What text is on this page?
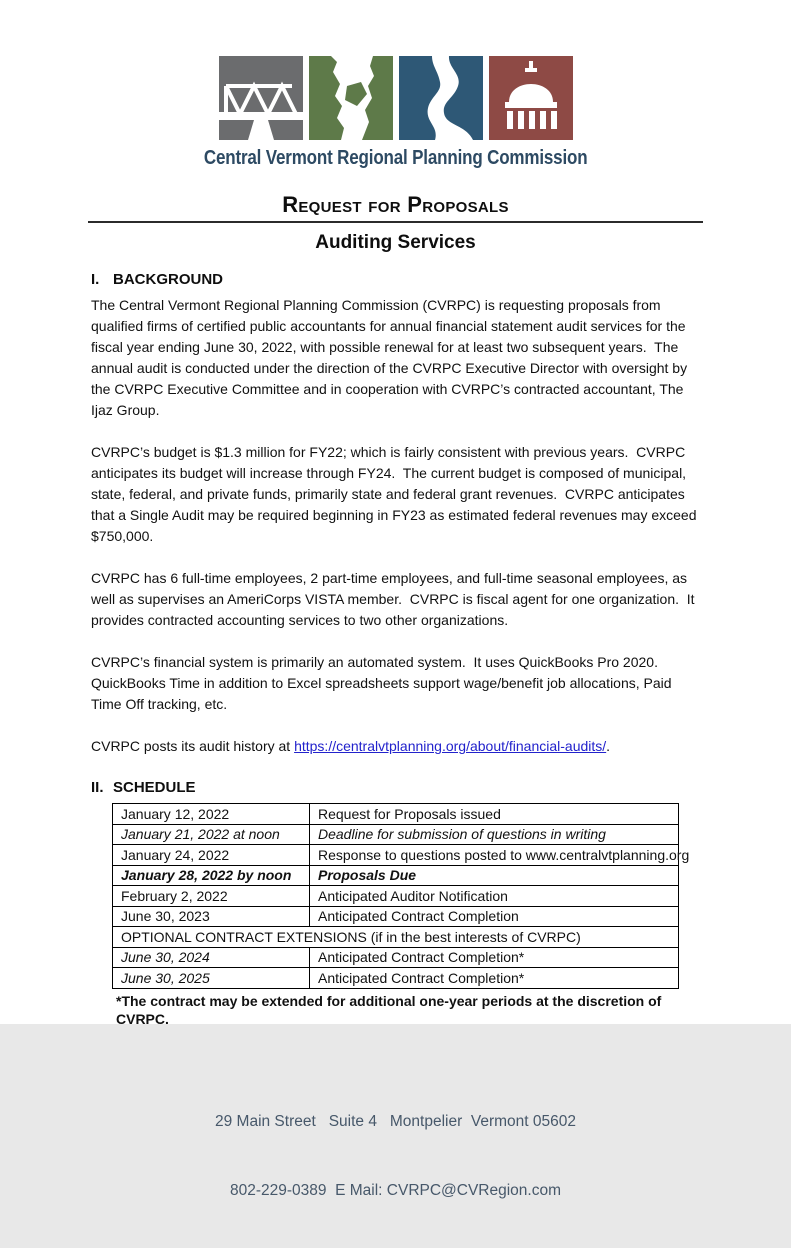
Central Vermont Regional Planning Commission
Request for Proposals
Auditing Services
I. BACKGROUND

The Central Vermont Regional Planning Commission (CVRPC) is requesting proposals from qualified firms of certified public accountants for annual financial statement audit services for the fiscal year ending June 30, 2022, with possible renewal for at least two subsequent years.  The annual audit is conducted under the direction of the CVRPC Executive Director with oversight by the CVRPC Executive Committee and in cooperation with CVRPC’s contracted accountant, The Ijaz Group.

CVRPC’s budget is $1.3 million for FY22; which is fairly consistent with previous years.  CVRPC anticipates its budget will increase through FY24.  The current budget is composed of municipal, state, federal, and private funds, primarily state and federal grant revenues.  CVRPC anticipates that a Single Audit may be required beginning in FY23 as estimated federal revenues may exceed $750,000.

CVRPC has 6 full-time employees, 2 part-time employees, and full-time seasonal employees, as well as supervises an AmeriCorps VISTA member.  CVRPC is fiscal agent for one organization.  It provides contracted accounting services to two other organizations.

CVRPC’s financial system is primarily an automated system.  It uses QuickBooks Pro 2020.  QuickBooks Time in addition to Excel spreadsheets support wage/benefit job allocations, Paid Time Off tracking, etc.

CVRPC posts its audit history at https://centralvtplanning.org/about/financial-audits/.

II. SCHEDULE
January 12, 2022	Request for Proposals issued
January 21, 2022 at noon	Deadline for submission of questions in writing
January 24, 2022	Response to questions posted to www.centralvtplanning.org
January 28, 2022 by noon	Proposals Due
February 2, 2022	Anticipated Auditor Notification
June 30, 2023	Anticipated Contract Completion
OPTIONAL CONTRACT EXTENSIONS (if in the best interests of CVRPC)	
June 30, 2024	Anticipated Contract Completion*
June 30, 2025	Anticipated Contract Completion*

*The contract may be extended for additional one-year periods at the discretion of CVRPC.

29 Main Street   Suite 4   Montpelier  Vermont 05602

802-229-0389  E Mail: CVRPC@CVRegion.com
